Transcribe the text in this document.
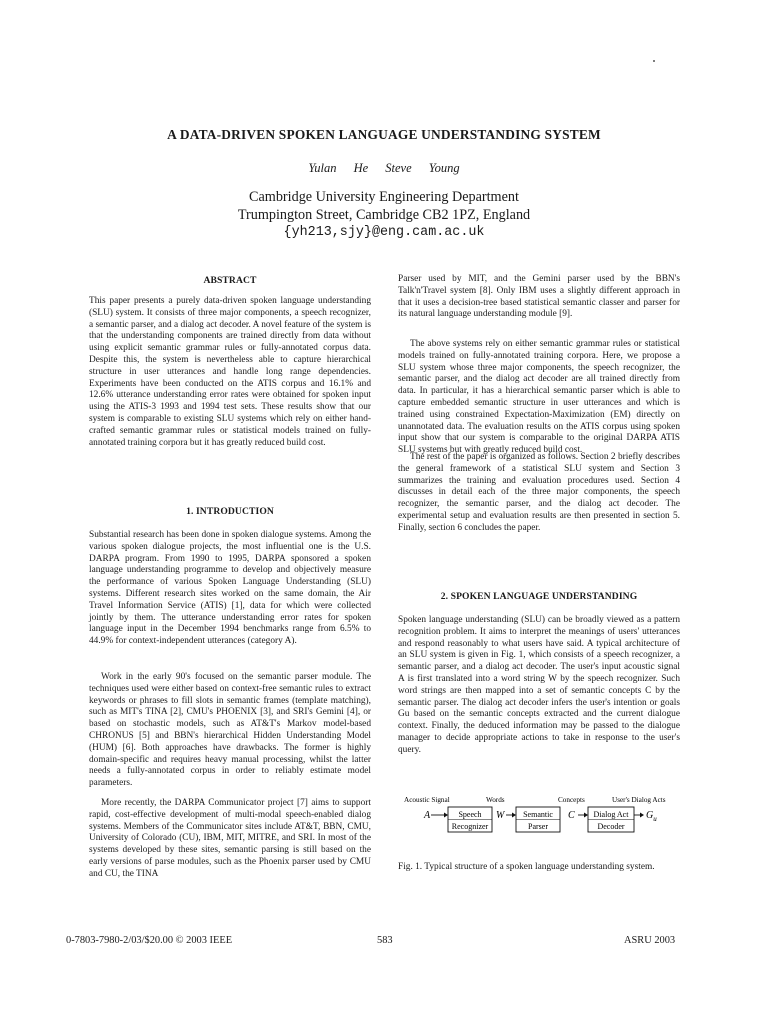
A DATA-DRIVEN SPOKEN LANGUAGE UNDERSTANDING SYSTEM
Yulan He Steve Young
Cambridge University Engineering Department
Trumpington Street, Cambridge CB2 1PZ, England
{yh213,sjy}@eng.cam.ac.uk
ABSTRACT
This paper presents a purely data-driven spoken language understanding (SLU) system. It consists of three major components, a speech recognizer, a semantic parser, and a dialog act decoder. A novel feature of the system is that the understanding components are trained directly from data without using explicit semantic grammar rules or fully-annotated corpus data. Despite this, the system is nevertheless able to capture hierarchical structure in user utterances and handle long range dependencies. Experiments have been conducted on the ATIS corpus and 16.1% and 12.6% utterance understanding error rates were obtained for spoken input using the ATIS-3 1993 and 1994 test sets. These results show that our system is comparable to existing SLU systems which rely on either hand-crafted semantic grammar rules or statistical models trained on fully-annotated training corpora but it has greatly reduced build cost.
1. INTRODUCTION
Substantial research has been done in spoken dialogue systems. Among the various spoken dialogue projects, the most influential one is the U.S. DARPA program. From 1990 to 1995, DARPA sponsored a spoken language understanding programme to develop and objectively measure the performance of various Spoken Language Understanding (SLU) systems. Different research sites worked on the same domain, the Air Travel Information Service (ATIS) [1], data for which were collected jointly by them. The utterance understanding error rates for spoken language input in the December 1994 benchmarks range from 6.5% to 44.9% for context-independent utterances (category A).
Work in the early 90's focused on the semantic parser module. The techniques used were either based on context-free semantic rules to extract keywords or phrases to fill slots in semantic frames (template matching), such as MIT's TINA [2], CMU's PHOENIX [3], and SRI's Gemini [4], or based on stochastic models, such as AT&T's Markov model-based CHRONUS [5] and BBN's hierarchical Hidden Understanding Model (HUM) [6]. Both approaches have drawbacks. The former is highly domain-specific and requires heavy manual processing, whilst the latter needs a fully-annotated corpus in order to reliably estimate model parameters.
More recently, the DARPA Communicator project [7] aims to support rapid, cost-effective development of multi-modal speech-enabled dialog systems. Members of the Communicator sites include AT&T, BBN, CMU, University of Colorado (CU), IBM, MIT, MITRE, and SRI. In most of the systems developed by these sites, semantic parsing is still based on the early versions of parse modules, such as the Phoenix parser used by CMU and CU, the TINA
Parser used by MIT, and the Gemini parser used by the BBN's Talk'n'Travel system [8]. Only IBM uses a slightly different approach in that it uses a decision-tree based statistical semantic classer and parser for its natural language understanding module [9].
The above systems rely on either semantic grammar rules or statistical models trained on fully-annotated training corpora. Here, we propose a SLU system whose three major components, the speech recognizer, the semantic parser, and the dialog act decoder are all trained directly from data. In particular, it has a hierarchical semantic parser which is able to capture embedded semantic structure in user utterances and which is trained using constrained Expectation-Maximization (EM) directly on unannotated data. The evaluation results on the ATIS corpus using spoken input show that our system is comparable to the original DARPA ATIS SLU systems but with greatly reduced build cost.
The rest of the paper is organized as follows. Section 2 briefly describes the general framework of a statistical SLU system and Section 3 summarizes the training and evaluation procedures used. Section 4 discusses in detail each of the three major components, the speech recognizer, the semantic parser, and the dialog act decoder. The experimental setup and evaluation results are then presented in section 5. Finally, section 6 concludes the paper.
2. SPOKEN LANGUAGE UNDERSTANDING
Spoken language understanding (SLU) can be broadly viewed as a pattern recognition problem. It aims to interpret the meanings of users' utterances and respond reasonably to what users have said. A typical architecture of an SLU system is given in Fig. 1, which consists of a speech recognizer, a semantic parser, and a dialog act decoder. The user's input acoustic signal A is first translated into a word string W by the speech recognizer. Such word strings are then mapped into a set of semantic concepts C by the semantic parser. The dialog act decoder infers the user's intention or goals Gu based on the semantic concepts extracted and the current dialogue context. Finally, the deduced information may be passed to the dialogue manager to decide appropriate actions to take in response to the user's query.
Acoustic Signal	Words	Concepts	User's Dialog Acts
A	Speech
Recognizer
W Semantic
Parser
C Dialog Act
Decoder
$G_u$
Fig. 1. Typical structure of a spoken language understanding system.
0-7803-7980-2/03/$20.00 © 2003 IEEE	583	ASRU 2003
